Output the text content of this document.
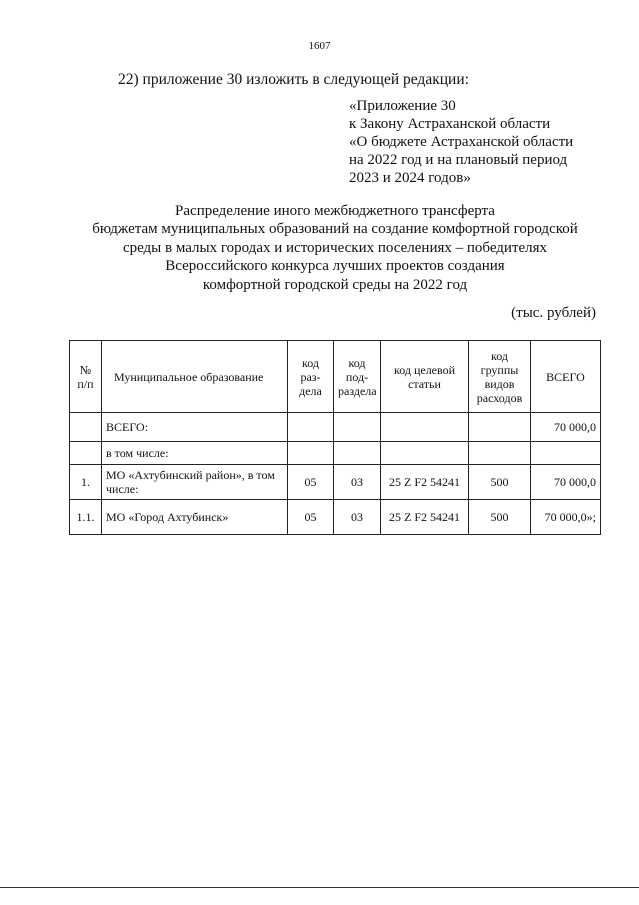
1607
22) приложение 30 изложить в следующей редакции:
«Приложение 30
к Закону Астраханской области
«О бюджете Астраханской области
на 2022 год и на плановый период
2023 и 2024 годов»
Распределение иного межбюджетного трансферта
бюджетам муниципальных образований на создание комфортной городской
среды в малых городах и исторических поселениях – победителях
Всероссийского конкурса лучших проектов создания
комфортной городской среды на 2022 год
(тыс. рублей)
№ п/п	Муниципальное образование	код раз- дела	код под- раздела	код целевой статьи	код группы видов расходов	ВСЕГО
	ВСЕГО:					70 000,0
	в том числе:					
1.	МО «Ахтубинский район», в том числе:	05	03	25 Z F2 54241	500	70 000,0
1.1.	МО «Город Ахтубинск»	05	03	25 Z F2 54241	500	70 000,0»;
